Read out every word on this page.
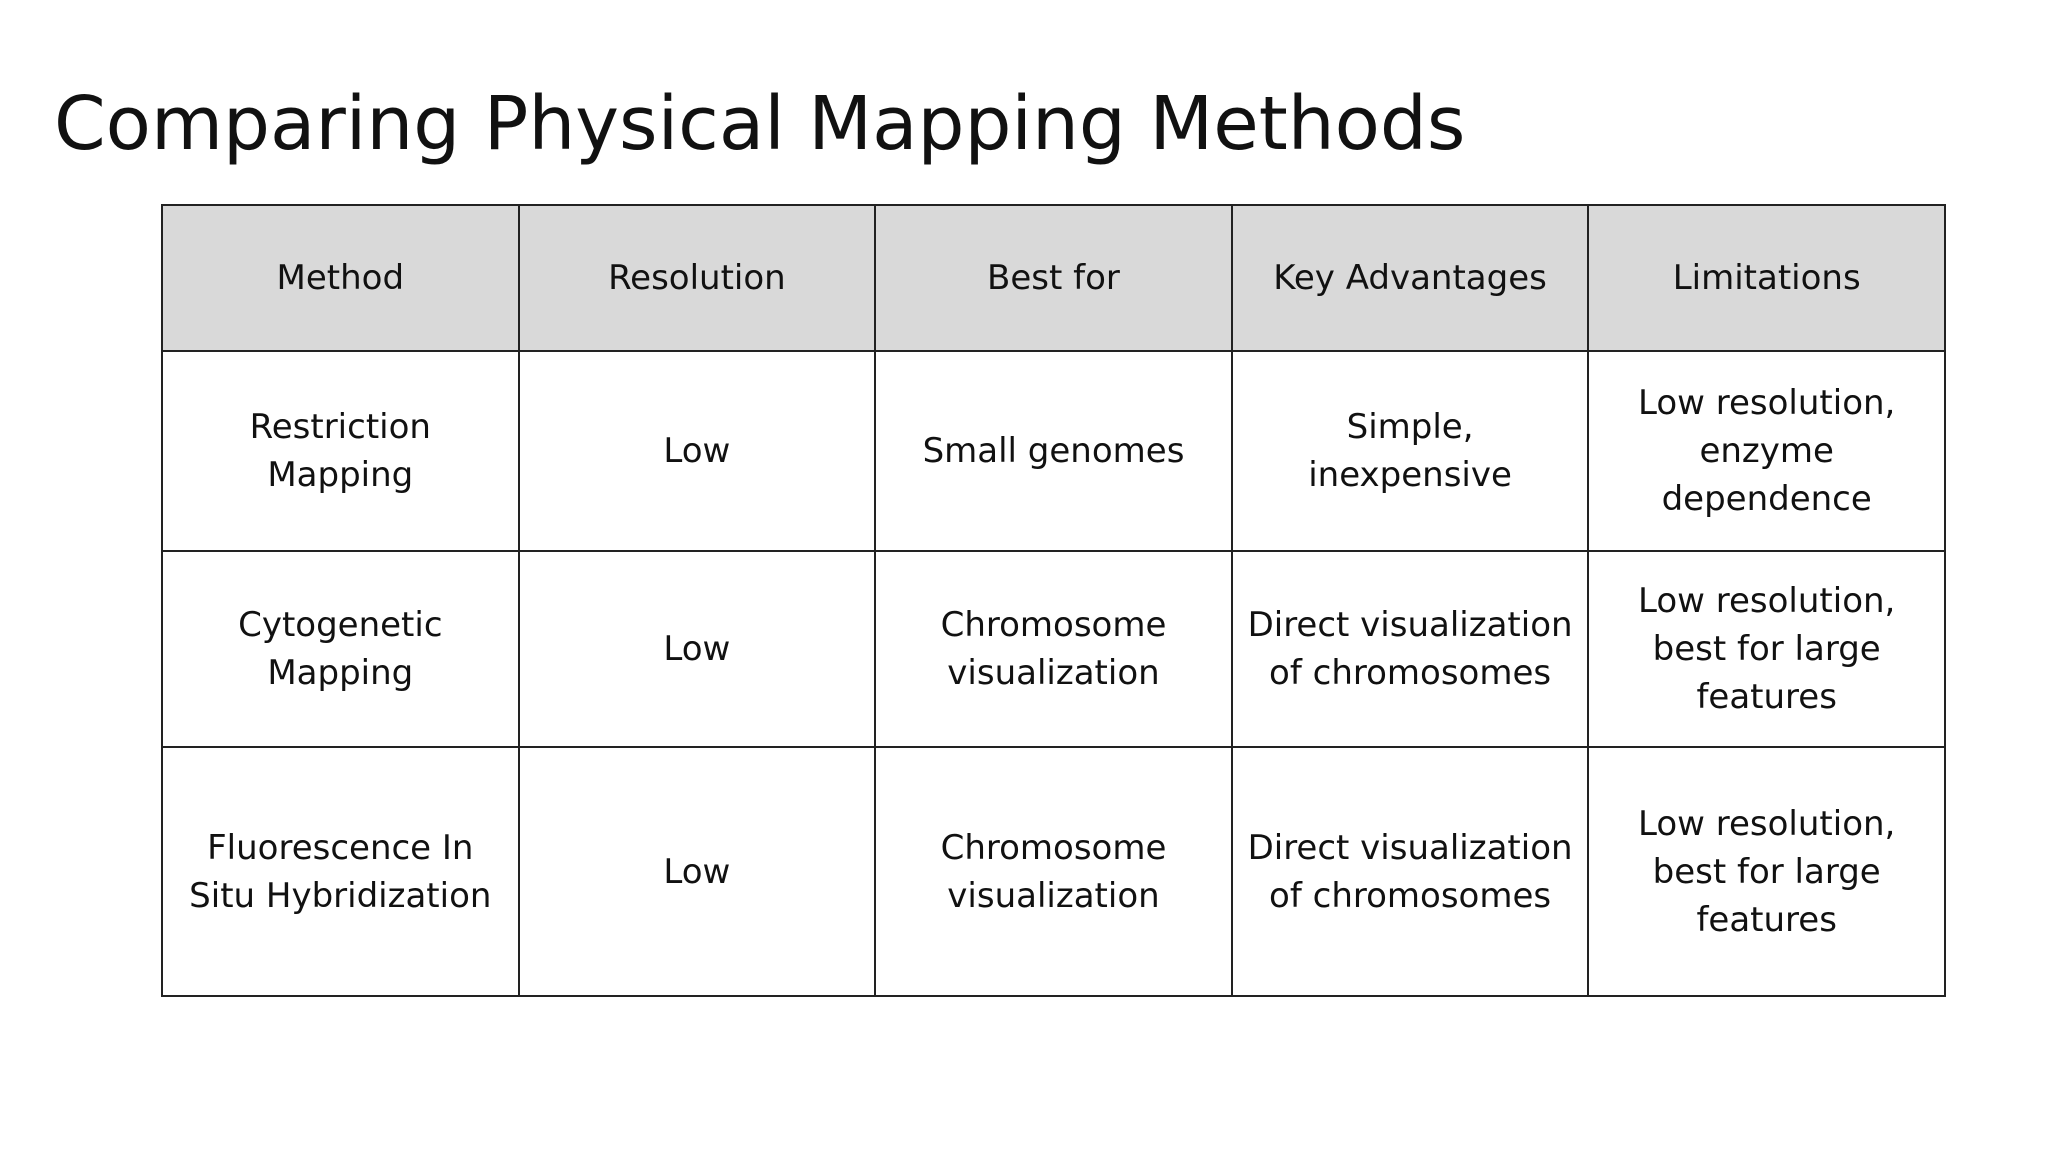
Comparing Physical Mapping Methods
Method	Resolution	Best for	Key Advantages	Limitations
Restriction Mapping	Low	Small genomes	Simple, inexpensive	Low resolution, enzyme dependence
Cytogenetic Mapping	Low	Chromosome visualization	Direct visualization of chromosomes	Low resolution, best for large features
Fluorescence In Situ Hybridization	Low	Chromosome visualization	Direct visualization of chromosomes	Low resolution, best for large features
